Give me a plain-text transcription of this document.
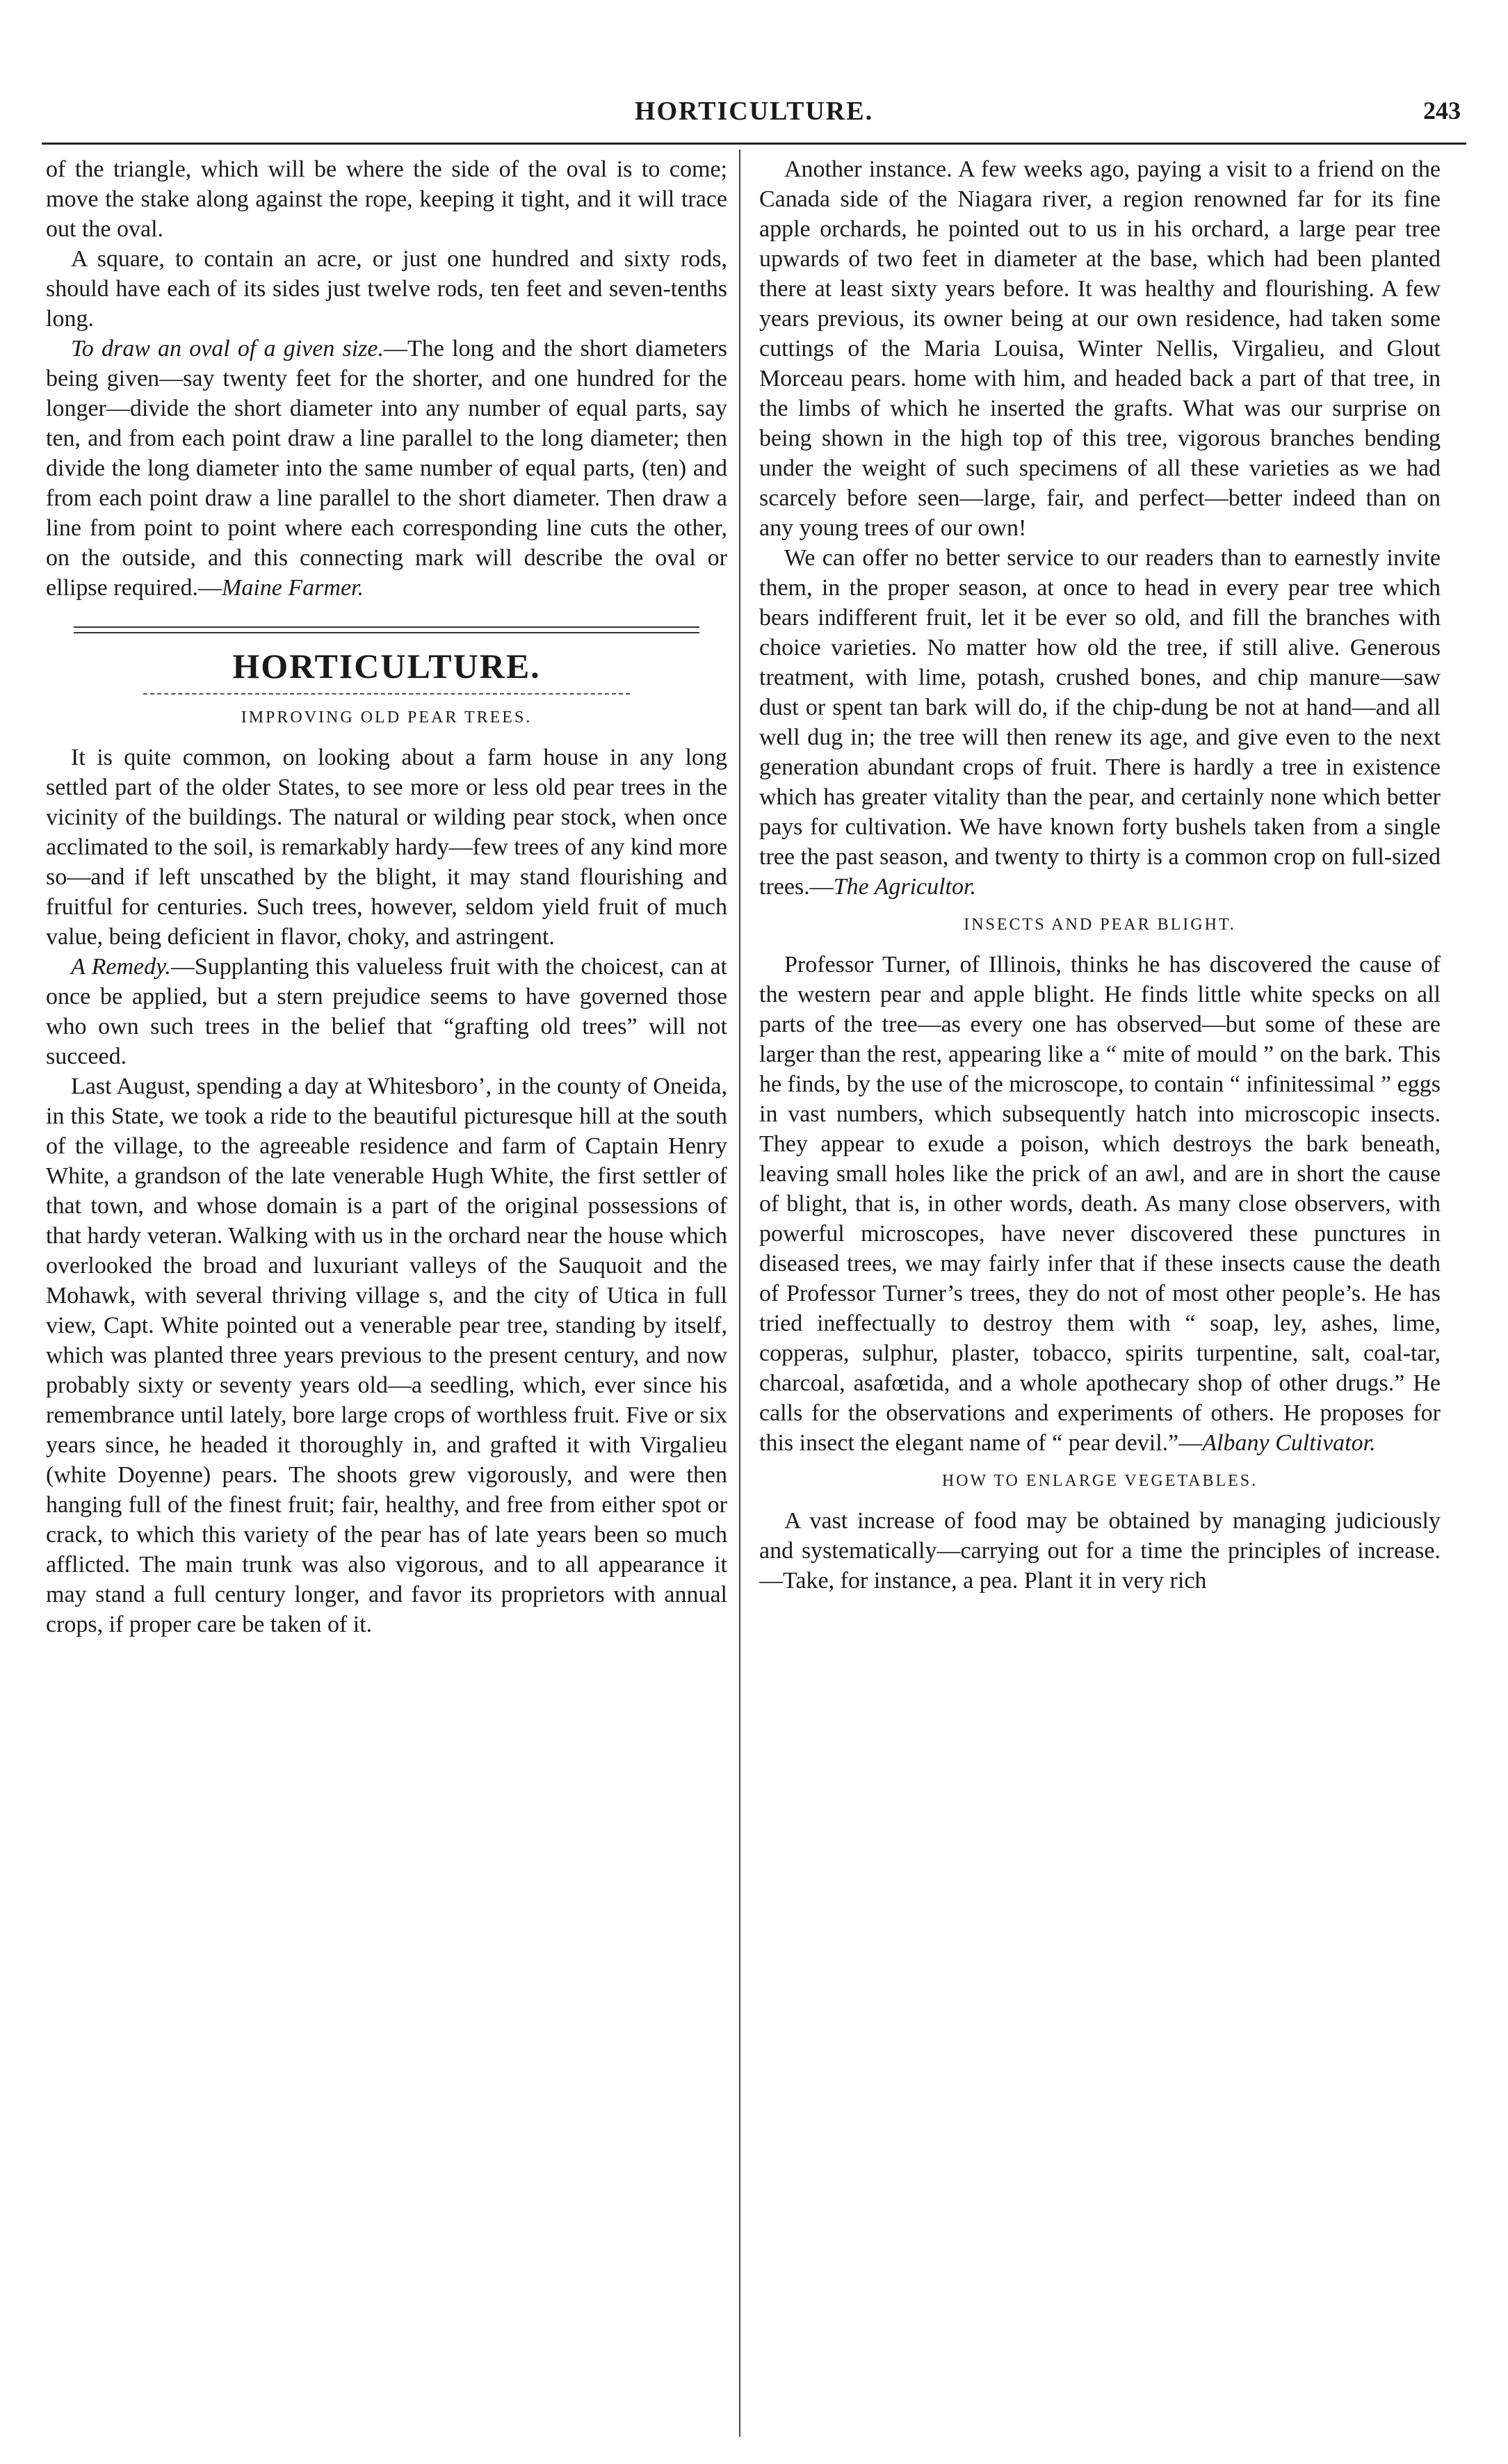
HORTICULTURE.	243

of the triangle, which will be where the side of the oval is to come; move the stake along against the rope, keeping it tight, and it will trace out the oval.

A square, to contain an acre, or just one hundred and sixty rods, should have each of its sides just twelve rods, ten feet and seven-tenths long.

To draw an oval of a given size.—The long and the short diameters being given—say twenty feet for the shorter, and one hundred for the longer—divide the short diameter into any number of equal parts, say ten, and from each point draw a line parallel to the long diameter; then divide the long diameter into the same number of equal parts, (ten) and from each point draw a line parallel to the short diameter. Then draw a line from point to point where each corresponding line cuts the other, on the outside, and this connecting mark will describe the oval or ellipse required.—Maine Farmer.

HORTICULTURE.
IMPROVING OLD PEAR TREES.

It is quite common, on looking about a farm house in any long settled part of the older States, to see more or less old pear trees in the vicinity of the buildings. The natural or wilding pear stock, when once acclimated to the soil, is remarkably hardy—few trees of any kind more so—and if left unscathed by the blight, it may stand flourishing and fruitful for centuries. Such trees, however, seldom yield fruit of much value, being deficient in flavor, choky, and astringent.

A Remedy.—Supplanting this valueless fruit with the choicest, can at once be applied, but a stern prejudice seems to have governed those who own such trees in the belief that “grafting old trees” will not succeed.

Last August, spending a day at Whitesboro’, in the county of Oneida, in this State, we took a ride to the beautiful picturesque hill at the south of the village, to the agreeable residence and farm of Captain Henry White, a grandson of the late venerable Hugh White, the first settler of that town, and whose domain is a part of the original possessions of that hardy veteran. Walking with us in the orchard near the house which overlooked the broad and luxuriant valleys of the Sauquoit and the Mohawk, with several thriving village s, and the city of Utica in full view, Capt. White pointed out a venerable pear tree, standing by itself, which was planted three years previous to the present century, and now probably sixty or seventy years old—a seedling, which, ever since his remembrance until lately, bore large crops of worthless fruit. Five or six years since, he headed it thoroughly in, and grafted it with Virgalieu (white Doyenne) pears. The shoots grew vigorously, and were then hanging full of the finest fruit; fair, healthy, and free from either spot or crack, to which this variety of the pear has of late years been so much afflicted. The main trunk was also vigorous, and to all appearance it may stand a full century longer, and favor its proprietors with annual crops, if proper care be taken of it.

Another instance. A few weeks ago, paying a visit to a friend on the Canada side of the Niagara river, a region renowned far for its fine apple orchards, he pointed out to us in his orchard, a large pear tree upwards of two feet in diameter at the base, which had been planted there at least sixty years before. It was healthy and flourishing. A few years previous, its owner being at our own residence, had taken some cuttings of the Maria Louisa, Winter Nellis, Virgalieu, and Glout Morceau pears. home with him, and headed back a part of that tree, in the limbs of which he inserted the grafts. What was our surprise on being shown in the high top of this tree, vigorous branches bending under the weight of such specimens of all these varieties as we had scarcely before seen—large, fair, and perfect—better indeed than on any young trees of our own!

We can offer no better service to our readers than to earnestly invite them, in the proper season, at once to head in every pear tree which bears indifferent fruit, let it be ever so old, and fill the branches with choice varieties. No matter how old the tree, if still alive. Generous treatment, with lime, potash, crushed bones, and chip manure—saw dust or spent tan bark will do, if the chip-dung be not at hand—and all well dug in; the tree will then renew its age, and give even to the next generation abundant crops of fruit. There is hardly a tree in existence which has greater vitality than the pear, and certainly none which better pays for cultivation. We have known forty bushels taken from a single tree the past season, and twenty to thirty is a common crop on full-sized trees.—The Agricultor.

INSECTS AND PEAR BLIGHT.

Professor Turner, of Illinois, thinks he has discovered the cause of the western pear and apple blight. He finds little white specks on all parts of the tree—as every one has observed—but some of these are larger than the rest, appearing like a “ mite of mould ” on the bark. This he finds, by the use of the microscope, to contain “ infinitessimal ” eggs in vast numbers, which subsequently hatch into microscopic insects. They appear to exude a poison, which destroys the bark beneath, leaving small holes like the prick of an awl, and are in short the cause of blight, that is, in other words, death. As many close observers, with powerful microscopes, have never discovered these punctures in diseased trees, we may fairly infer that if these insects cause the death of Professor Turner’s trees, they do not of most other people’s. He has tried ineffectually to destroy them with “ soap, ley, ashes, lime, copperas, sulphur, plaster, tobacco, spirits turpentine, salt, coal-tar, charcoal, asafœtida, and a whole apothecary shop of other drugs.” He calls for the observations and experiments of others. He proposes for this insect the elegant name of “ pear devil.”—Albany Cultivator.

HOW TO ENLARGE VEGETABLES.

A vast increase of food may be obtained by managing judiciously and systematically—carrying out for a time the principles of increase.—Take, for instance, a pea. Plant it in very rich
